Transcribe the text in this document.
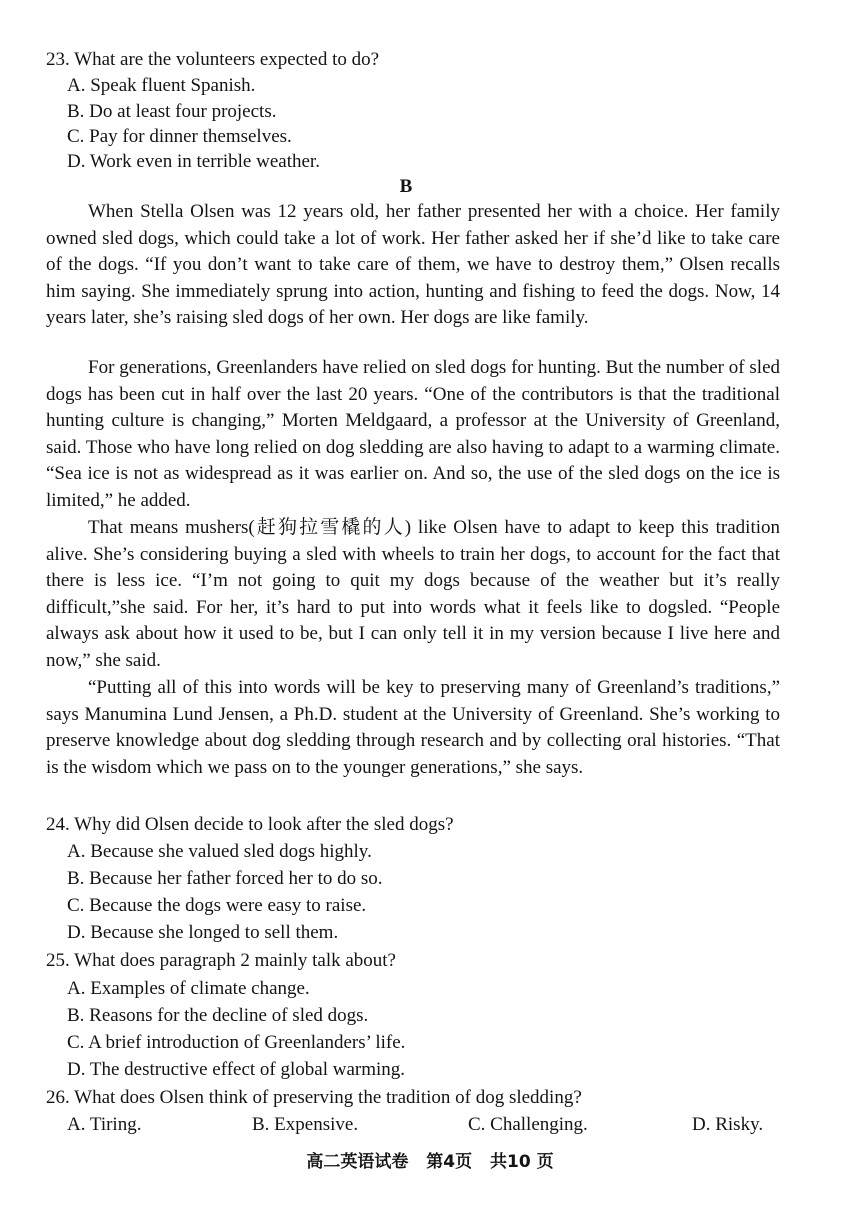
23. What are the volunteers expected to do?
A. Speak fluent Spanish.
B. Do at least four projects.
C. Pay for dinner themselves.
D. Work even in terrible weather.
B
When Stella Olsen was 12 years old, her father presented her with a choice. Her family owned sled dogs, which could take a lot of work. Her father asked her if she’d like to take care of the dogs. “If you don’t want to take care of them, we have to destroy them,” Olsen recalls him saying. She immediately sprung into action, hunting and fishing to feed the dogs. Now, 14 years later, she’s raising sled dogs of her own. Her dogs are like family.
For generations, Greenlanders have relied on sled dogs for hunting. But the number of sled dogs has been cut in half over the last 20 years. “One of the contributors is that the traditional hunting culture is changing,” Morten Meldgaard, a professor at the University of Greenland, said. Those who have long relied on dog sledding are also having to adapt to a warming climate. “Sea ice is not as widespread as it was earlier on. And so, the use of the sled dogs on the ice is limited,” he added.
That means mushers(赶狗拉雪橇的人) like Olsen have to adapt to keep this tradition alive. She’s considering buying a sled with wheels to train her dogs, to account for the fact that there is less ice. “I’m not going to quit my dogs because of the weather but it’s really difficult,”she said. For her, it’s hard to put into words what it feels like to dogsled. “People always ask about how it used to be, but I can only tell it in my version because I live here and now,” she said.
“Putting all of this into words will be key to preserving many of Greenland’s traditions,” says Manumina Lund Jensen, a Ph.D. student at the University of Greenland. She’s working to preserve knowledge about dog sledding through research and by collecting oral histories. “That is the wisdom which we pass on to the younger generations,” she says.
24. Why did Olsen decide to look after the sled dogs?
A. Because she valued sled dogs highly.
B. Because her father forced her to do so.
C. Because the dogs were easy to raise.
D. Because she longed to sell them.
25. What does paragraph 2 mainly talk about?
A. Examples of climate change.
B. Reasons for the decline of sled dogs.
C. A brief introduction of Greenlanders’ life.
D. The destructive effect of global warming.
26. What does Olsen think of preserving the tradition of dog sledding?
A. Tiring.	B. Expensive.	C. Challenging.	D. Risky.
高二英语试卷 第4页 共10 页
